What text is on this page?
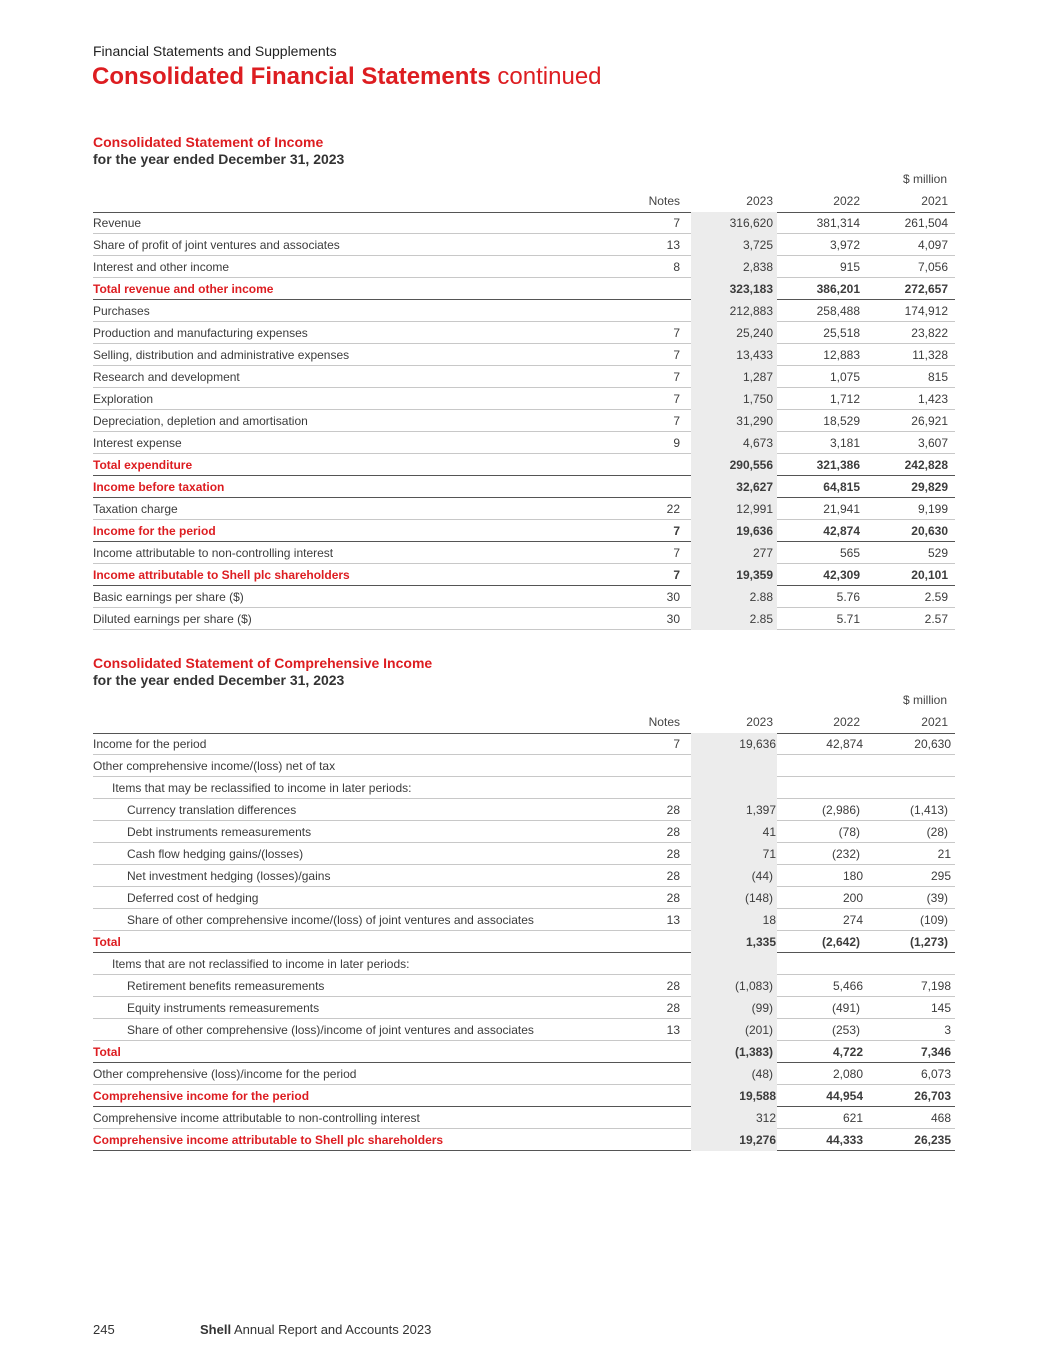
Financial Statements and Supplements
Consolidated Financial Statements continued
Consolidated Statement of Income
for the year ended December 31, 2023
$ million
Notes	2023	2022	2021
Revenue	7	316,620	381,314	261,504
Share of profit of joint ventures and associates	13	3,725	3,972	4,097
Interest and other income	8	2,838	915	7,056
Total revenue and other income	323,183	386,201	272,657
Purchases	212,883	258,488	174,912
Production and manufacturing expenses	7	25,240	25,518	23,822
Selling, distribution and administrative expenses	7	13,433	12,883	11,328
Research and development	7	1,287	1,075	815
Exploration	7	1,750	1,712	1,423
Depreciation, depletion and amortisation	7	31,290	18,529	26,921
Interest expense	9	4,673	3,181	3,607
Total expenditure	290,556	321,386	242,828
Income before taxation	32,627	64,815	29,829
Taxation charge	22	12,991	21,941	9,199
Income for the period	7	19,636	42,874	20,630
Income attributable to non-controlling interest	7	277	565	529
Income attributable to Shell plc shareholders	7	19,359	42,309	20,101
Basic earnings per share ($)	30	2.88	5.76	2.59
Diluted earnings per share ($)	30	2.85	5.71	2.57
Consolidated Statement of Comprehensive Income
for the year ended December 31, 2023
$ million
Notes	2023	2022	2021
Income for the period	7	19,636	42,874	20,630
Other comprehensive income/(loss) net of tax
Items that may be reclassified to income in later periods:
Currency translation differences	28	1,397	(2,986)	(1,413)
Debt instruments remeasurements	28	41	(78)	(28)
Cash flow hedging gains/(losses)	28	71	(232)	21
Net investment hedging (losses)/gains	28	(44)	180	295
Deferred cost of hedging	28	(148)	200	(39)
Share of other comprehensive income/(loss) of joint ventures and associates	13	18	274	(109)
Total	1,335	(2,642)	(1,273)
Items that are not reclassified to income in later periods:
Retirement benefits remeasurements	28	(1,083)	5,466	7,198
Equity instruments remeasurements	28	(99)	(491)	145
Share of other comprehensive (loss)/income of joint ventures and associates	13	(201)	(253)	3
Total	(1,383)	4,722	7,346
Other comprehensive (loss)/income for the period	(48)	2,080	6,073
Comprehensive income for the period	19,588	44,954	26,703
Comprehensive income attributable to non-controlling interest	312	621	468
Comprehensive income attributable to Shell plc shareholders	19,276	44,333	26,235
245	Shell Annual Report and Accounts 2023
